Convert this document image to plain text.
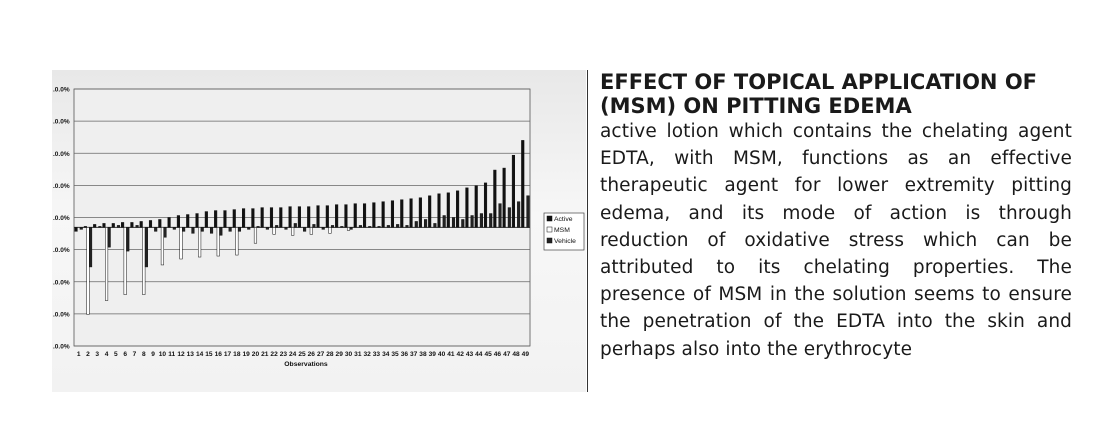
.0.0%
.0.0%
.0.0%
.0.0%
.0.0%
.0.0%
.0.0%
.0.0%
.0.0%
1 2 3 4 5 6 7 8 9 10 11 12 13 14 15 16 17 18 19 20 21 22 23 24 25 26 27 28 29 30 31 32 33 34 35 36 37 38 39 40 41 42 43 44 45 46 47 48 49
Observations
Active
MSM
Vehicle
EFFECT OF TOPICAL APPLICATION OF (MSM) ON PITTING EDEMA

active lotion which contains the chelating agent EDTA, with MSM, functions as an effective therapeutic agent for lower extremity pitting edema, and its mode of action is through reduction of oxidative stress which can be attributed to its chelating properties. The presence of MSM in the solution seems to ensure the penetration of the EDTA into the skin and perhaps also into the erythrocyte
